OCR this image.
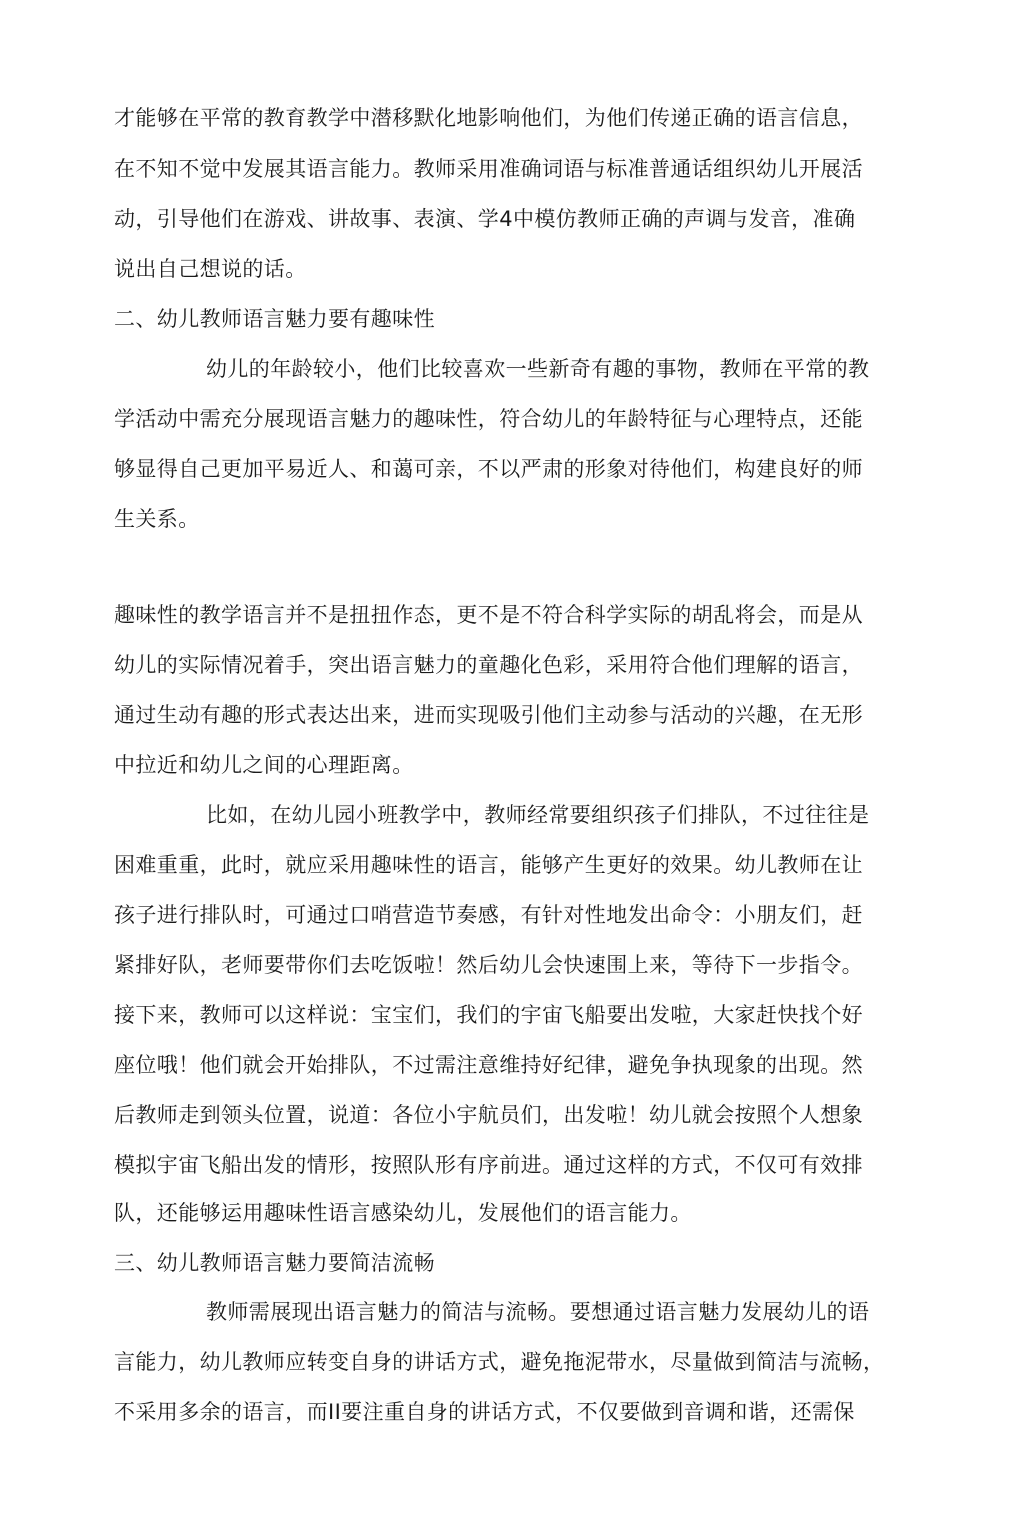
才能够在平常的教育教学中潜移默化地影响他们，为他们传递正确的语言信息，
在不知不觉中发展其语言能力。教师采用准确词语与标准普通话组织幼儿开展活
动，引导他们在游戏、讲故事、表演、学4中模仿教师正确的声调与发音，准确
说出自己想说的话。
二、幼儿教师语言魅力要有趣味性
幼儿的年龄较小，他们比较喜欢一些新奇有趣的事物，教师在平常的教
学活动中需充分展现语言魅力的趣味性，符合幼儿的年龄特征与心理特点，还能
够显得自己更加平易近人、和蔼可亲，不以严肃的形象对待他们，构建良好的师
生关系。
趣味性的教学语言并不是扭扭作态，更不是不符合科学实际的胡乱将会，而是从
幼儿的实际情况着手，突出语言魅力的童趣化色彩，采用符合他们理解的语言，
通过生动有趣的形式表达出来，进而实现吸引他们主动参与活动的兴趣，在无形
中拉近和幼儿之间的心理距离。
比如，在幼儿园小班教学中，教师经常要组织孩子们排队，不过往往是
困难重重，此时，就应采用趣味性的语言，能够产生更好的效果。幼儿教师在让
孩子进行排队时，可通过口哨营造节奏感，有针对性地发出命令：小朋友们，赶
紧排好队，老师要带你们去吃饭啦！然后幼儿会快速围上来，等待下一步指令。
接下来，教师可以这样说：宝宝们，我们的宇宙飞船要出发啦，大家赶快找个好
座位哦！他们就会开始排队，不过需注意维持好纪律，避免争执现象的出现。然
后教师走到领头位置，说道：各位小宇航员们，出发啦！幼儿就会按照个人想象
模拟宇宙飞船出发的情形，按照队形有序前进。通过这样的方式，不仅可有效排
队，还能够运用趣味性语言感染幼儿，发展他们的语言能力。
三、幼儿教师语言魅力要简洁流畅
教师需展现出语言魅力的简洁与流畅。要想通过语言魅力发展幼儿的语
言能力，幼儿教师应转变自身的讲话方式，避免拖泥带水，尽量做到简洁与流畅，
不采用多余的语言，而II要注重自身的讲话方式，不仅要做到音调和谐，还需保
